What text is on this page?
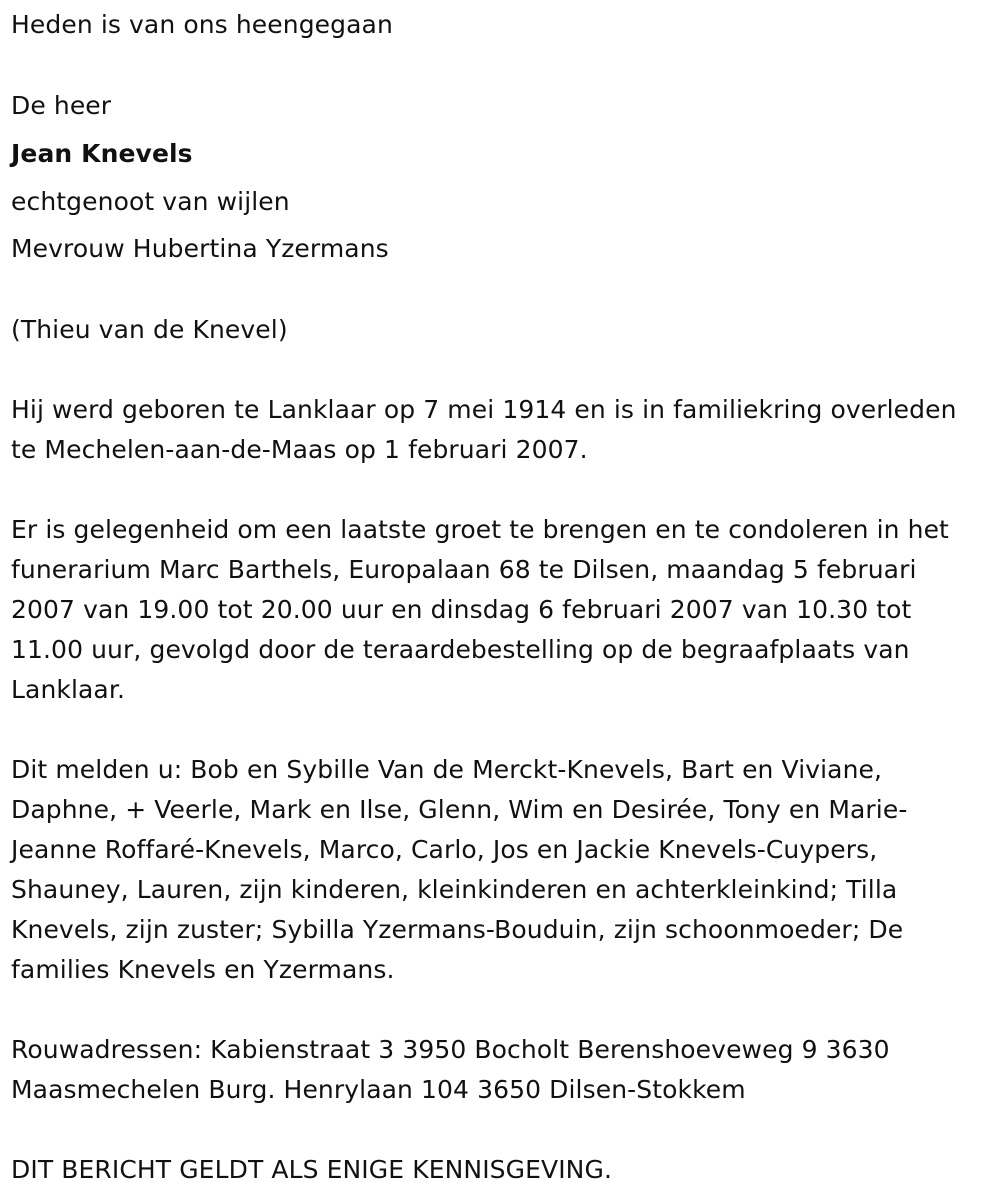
Heden is van ons heengegaan

De heer

Jean Knevels

echtgenoot van wijlen

Mevrouw Hubertina Yzermans

(Thieu van de Knevel)

Hij werd geboren te Lanklaar op 7 mei 1914 en is in familiekring overleden te Mechelen-aan-de-Maas op 1 februari 2007.

Er is gelegenheid om een laatste groet te brengen en te condoleren in het funerarium Marc Barthels, Europalaan 68 te Dilsen, maandag 5 februari 2007 van 19.00 tot 20.00 uur en dinsdag 6 februari 2007 van 10.30 tot 11.00 uur, gevolgd door de teraardebestelling op de begraafplaats van Lanklaar.

Dit melden u: Bob en Sybille Van de Merckt-Knevels, Bart en Viviane, Daphne, + Veerle, Mark en Ilse, Glenn, Wim en Desirée, Tony en Marie-Jeanne Roffaré-Knevels, Marco, Carlo, Jos en Jackie Knevels-Cuypers, Shauney, Lauren, zijn kinderen, kleinkinderen en achterkleinkind; Tilla Knevels, zijn zuster; Sybilla Yzermans-Bouduin, zijn schoonmoeder; De families Knevels en Yzermans.

Rouwadressen: Kabienstraat 3 3950 Bocholt Berenshoeveweg 9 3630 Maasmechelen Burg. Henrylaan 104 3650 Dilsen-Stokkem

DIT BERICHT GELDT ALS ENIGE KENNISGEVING.
